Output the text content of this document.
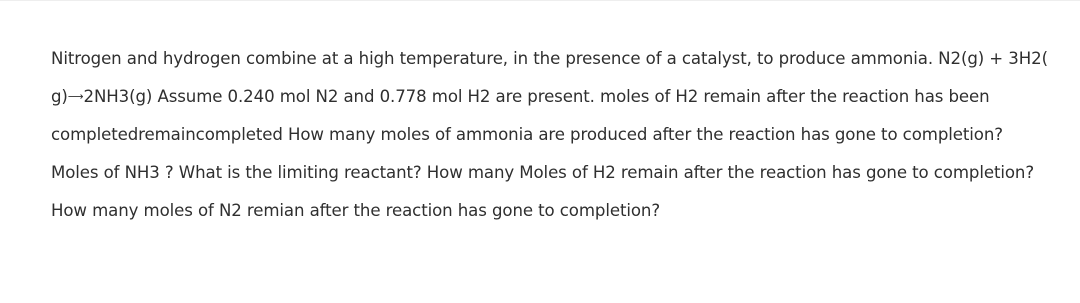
Nitrogen and hydrogen combine at a high temperature, in the presence of a catalyst, to produce ammonia. N2(g) + 3H2(
g)⟶2NH3(g) Assume 0.240 mol N2 and 0.778 mol H2 are present. moles of H2 remain after the reaction has been
completedremaincompleted How many moles of ammonia are produced after the reaction has gone to completion?
Moles of NH3 ? What is the limiting reactant? How many Moles of H2 remain after the reaction has gone to completion?
How many moles of N2 remian after the reaction has gone to completion?
